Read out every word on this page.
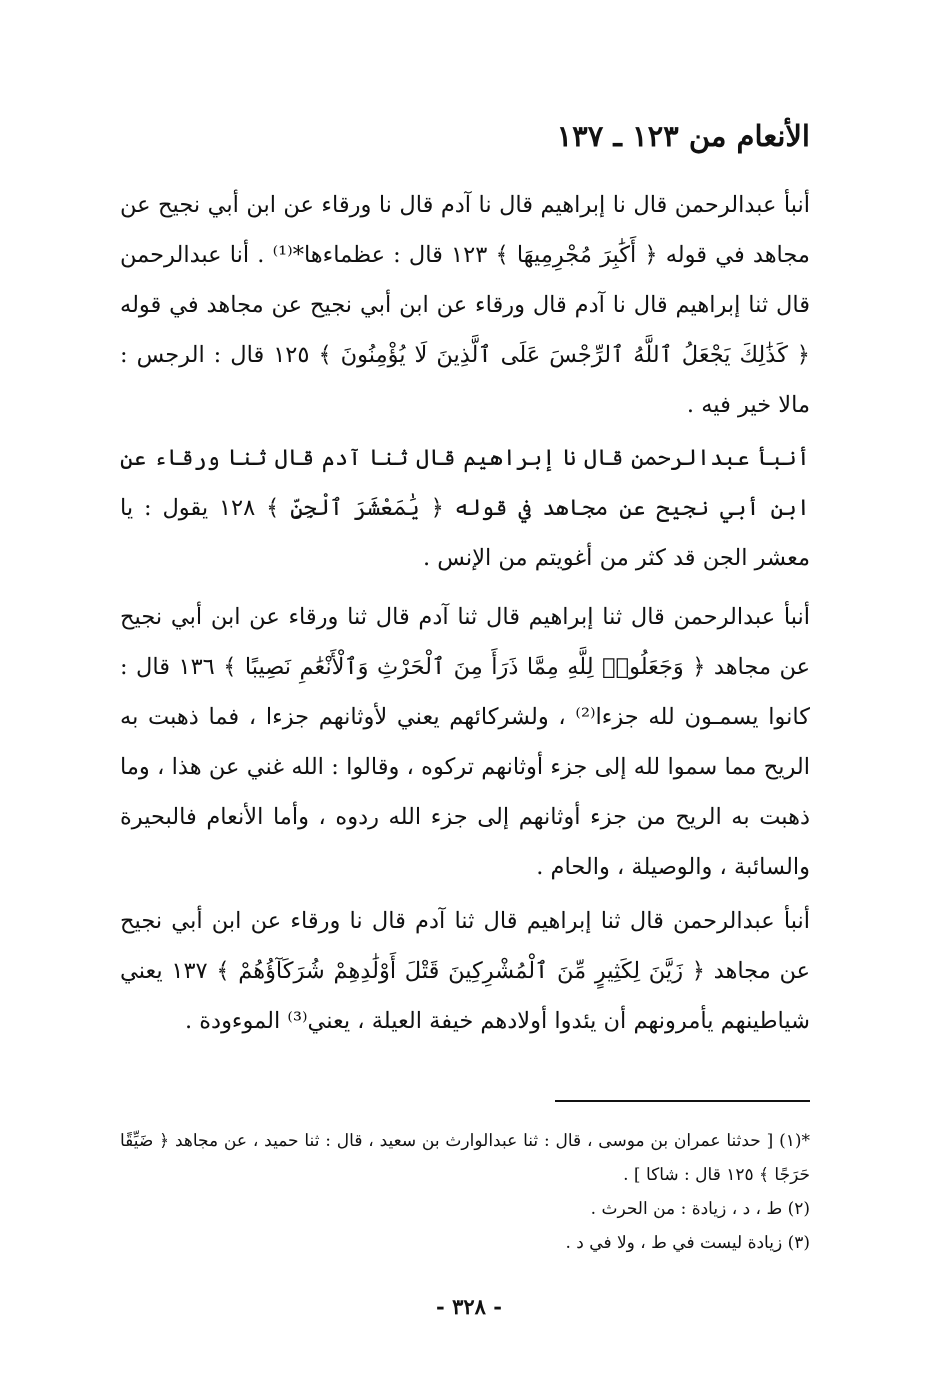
الأنعام من ١٢٣ ـ ١٣٧

أنبأ عبدالرحمن قال نا إبراهيم قال نا آدم قال نا ورقاء عن ابن أبي نجيح عن مجاهد في قوله ﴿ أَكَٰبِرَ مُجْرِمِيهَا ﴾ ١٢٣ قال : عظماءها*⁽¹⁾ . أنا عبدالرحمن قال ثنا إبراهيم قال نا آدم قال ورقاء عن ابن أبي نجيح عن مجاهد في قوله ﴿ كَذَٰلِكَ يَجْعَلُ ٱللَّهُ ٱلرِّجْسَ عَلَى ٱلَّذِينَ لَا يُؤْمِنُونَ ﴾ ١٢٥ قال : الرجس : مالا خير فيه .

أنبأ عبدالرحمن قال نا إبراهيم قال ثنا آدم قال ثنا ورقاء عن ابن أبي نجيح عن مجاهد في قوله ﴿ يَٰمَعْشَرَ ٱلْجِنِّ ﴾ ١٢٨ يقول : يا معشر الجن قد كثر من أغويتم من الإنس .

أنبأ عبدالرحمن قال ثنا إبراهيم قال ثنا آدم قال ثنا ورقاء عن ابن أبي نجيح عن مجاهد ﴿ وَجَعَلُوا۟ لِلَّهِ مِمَّا ذَرَأَ مِنَ ٱلْحَرْثِ وَٱلْأَنْعَٰمِ نَصِيبًا ﴾ ١٣٦ قال : كانوا يسمـون لله جزءا⁽²⁾ ، ولشركائهم يعني لأوثانهم جزءا ، فما ذهبت به الريح مما سموا لله إلى جزء أوثانهم تركوه ، وقالوا : الله غني عن هذا ، وما ذهبت به الريح من جزء أوثانهم إلى جزء الله ردوه ، وأما الأنعام فالبحيرة والسائبة ، والوصيلة ، والحام .

أنبأ عبدالرحمن قال ثنا إبراهيم قال ثنا آدم قال نا ورقاء عن ابن أبي نجيح عن مجاهد ﴿ زَيَّنَ لِكَثِيرٍ مِّنَ ٱلْمُشْرِكِينَ قَتْلَ أَوْلَٰدِهِمْ شُرَكَآؤُهُمْ ﴾ ١٣٧ يعني شياطينهم يأمرونهم أن يئدوا أولادهم خيفة العيلة ، يعني⁽³⁾ الموءودة .

*(١) [ حدثنا عمران بن موسى ، قال : ثنا عبدالوارث بن سعيد ، قال : ثنا حميد ، عن مجاهد ﴿ ضَيِّقًا حَرَجًا ﴾ ١٢٥ قال : شاكا ] .

(٢) ط ، د ، زيادة : من الحرث .

(٣) زيادة ليست في ط ، ولا في د .

- ٣٢٨ -
